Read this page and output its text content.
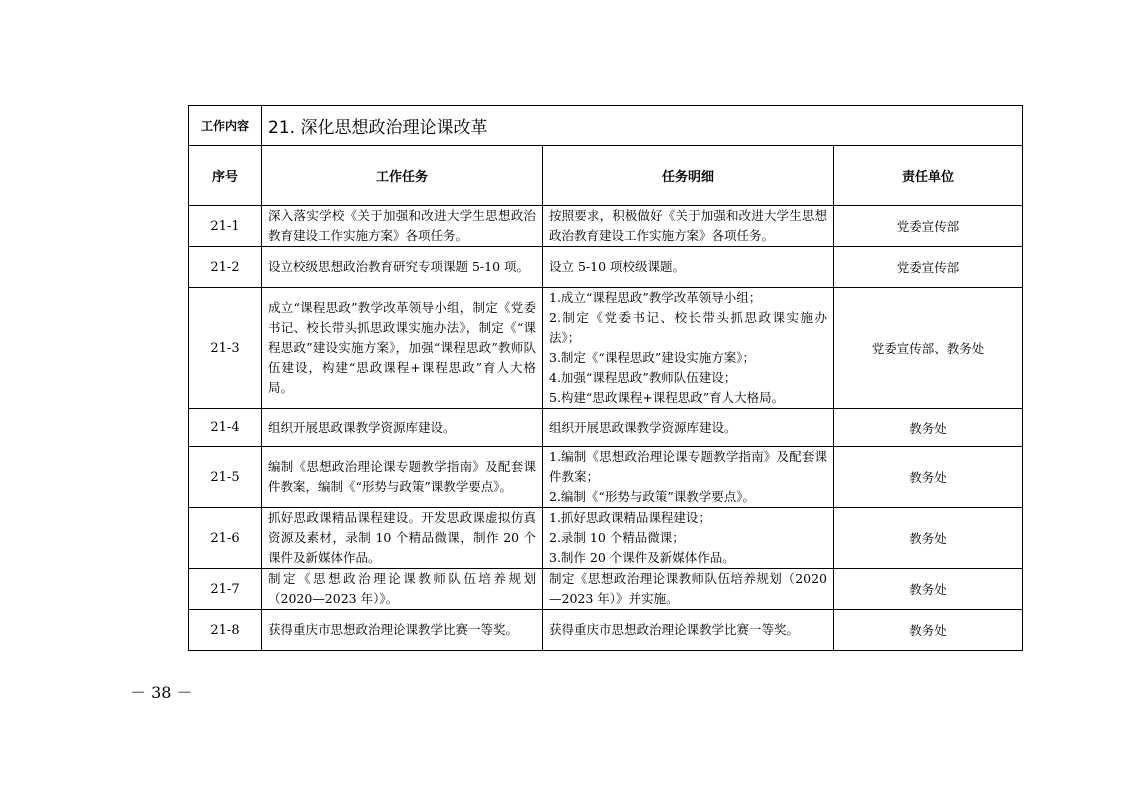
工作内容	21. 深化思想政治理论课改革		
序号	工作任务	任务明细	责任单位
21-1	深入落实学校《关于加强和改进大学生思想政治教育建设工作实施方案》各项任务。	按照要求，积极做好《关于加强和改进大学生思想政治教育建设工作实施方案》各项任务。	党委宣传部
21-2	设立校级思想政治教育研究专项课题 5-10 项。	设立 5-10 项校级课题。	党委宣传部
21-3	成立“课程思政”教学改革领导小组，制定《党委书记、校长带头抓思政课实施办法》，制定《“课程思政”建设实施方案》，加强“课程思政”教师队伍建设，构建“思政课程+课程思政”育人大格局。	1.成立“课程思政”教学改革领导小组；
2.制定《党委书记、校长带头抓思政课实施办法》；
3.制定《“课程思政”建设实施方案》；
4.加强“课程思政”教师队伍建设；
5.构建“思政课程+课程思政”育人大格局。	党委宣传部、教务处
21-4	组织开展思政课教学资源库建设。	组织开展思政课教学资源库建设。	教务处
21-5	编制《思想政治理论课专题教学指南》及配套课件教案，编制《“形势与政策”课教学要点》。	1.编制《思想政治理论课专题教学指南》及配套课件教案；
2.编制《“形势与政策”课教学要点》。	教务处
21-6	抓好思政课精品课程建设。开发思政课虚拟仿真资源及素材，录制 10 个精品微课，制作 20 个课件及新媒体作品。	1.抓好思政课精品课程建设；
2.录制 10 个精品微课；
3.制作 20 个课件及新媒体作品。	教务处
21-7	制定《思想政治理论课教师队伍培养规划（2020—2023 年）》。	制定《思想政治理论课教师队伍培养规划（2020—2023 年）》并实施。	教务处
21-8	获得重庆市思想政治理论课教学比赛一等奖。	获得重庆市思想政治理论课教学比赛一等奖。	教务处
－ 38 －
